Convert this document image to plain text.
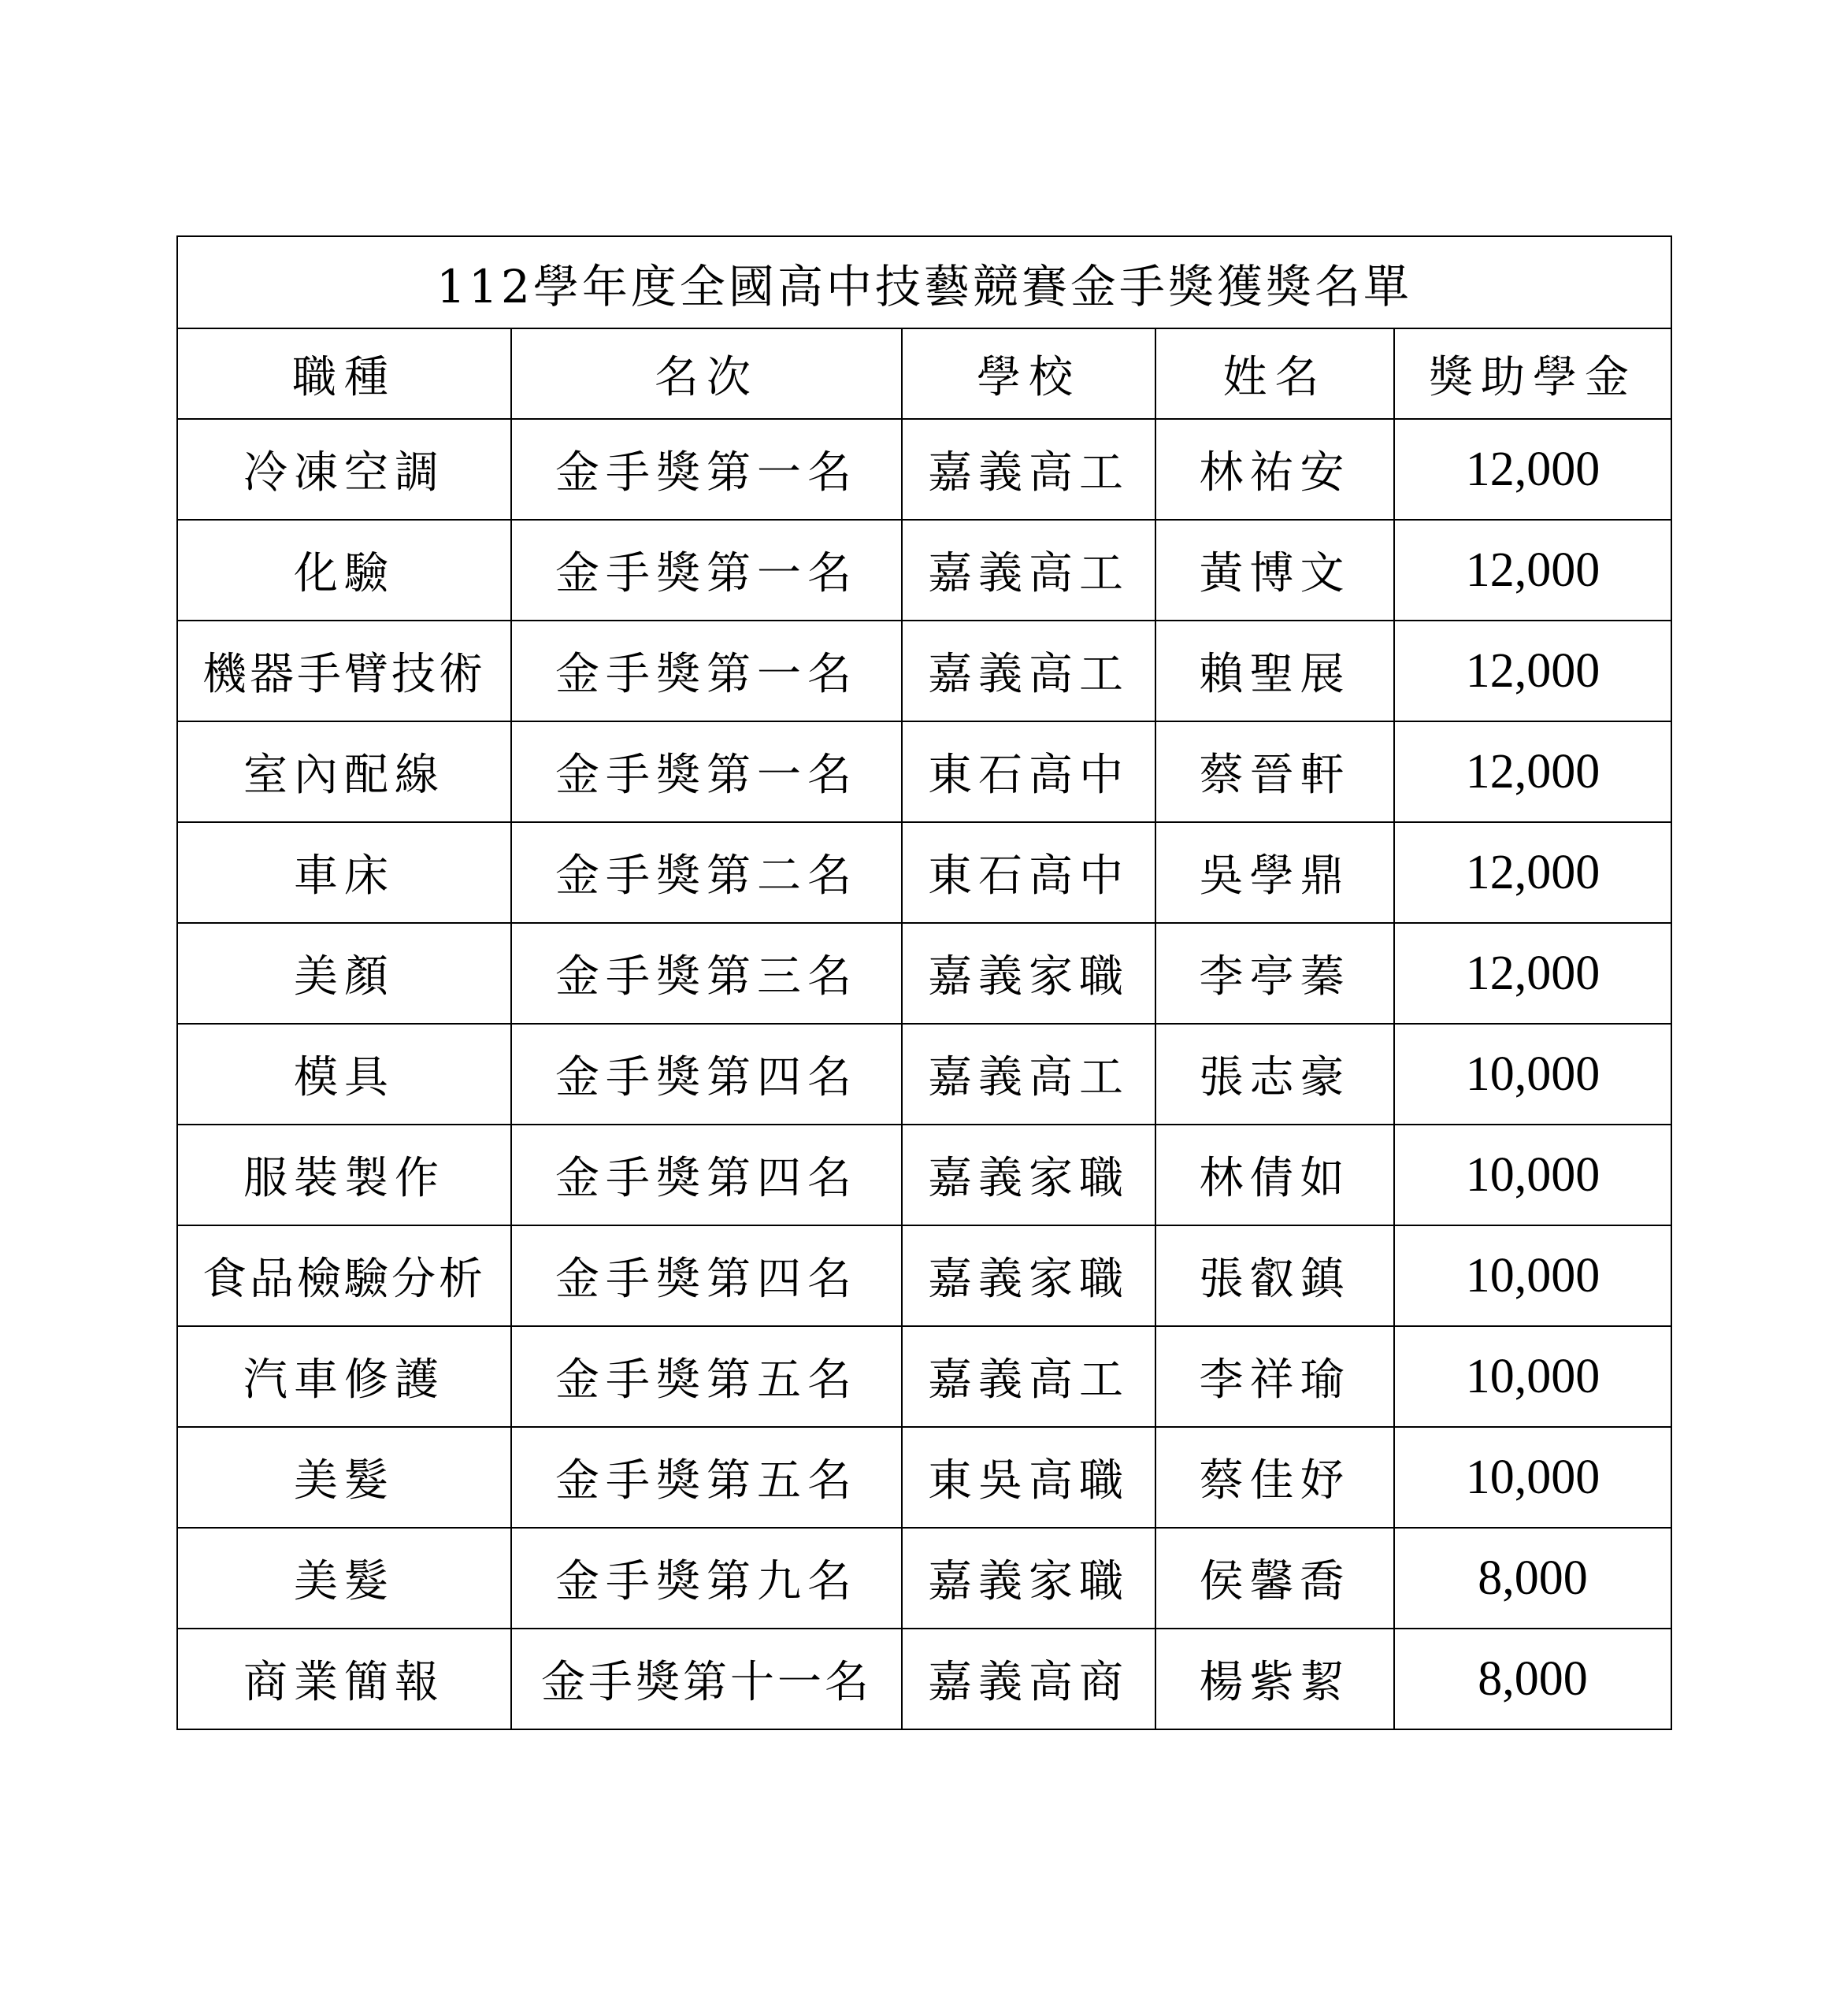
112學年度全國高中技藝競賽金手獎獲獎名單				
職種	名次	學校	姓名	獎助學金
冷凍空調	金手獎第一名	嘉義高工	林祐安	12,000
化驗	金手獎第一名	嘉義高工	黃博文	12,000
機器手臂技術	金手獎第一名	嘉義高工	賴聖展	12,000
室內配線	金手獎第一名	東石高中	蔡晉軒	12,000
車床	金手獎第二名	東石高中	吳學鼎	12,000
美顏	金手獎第三名	嘉義家職	李亭蓁	12,000
模具	金手獎第四名	嘉義高工	張志豪	10,000
服裝製作	金手獎第四名	嘉義家職	林倩如	10,000
食品檢驗分析	金手獎第四名	嘉義家職	張叡鎮	10,000
汽車修護	金手獎第五名	嘉義高工	李祥瑜	10,000
美髮	金手獎第五名	東吳高職	蔡佳妤	10,000
美髮	金手獎第九名	嘉義家職	侯馨喬	8,000
商業簡報	金手獎第十一名	嘉義高商	楊紫絜	8,000
